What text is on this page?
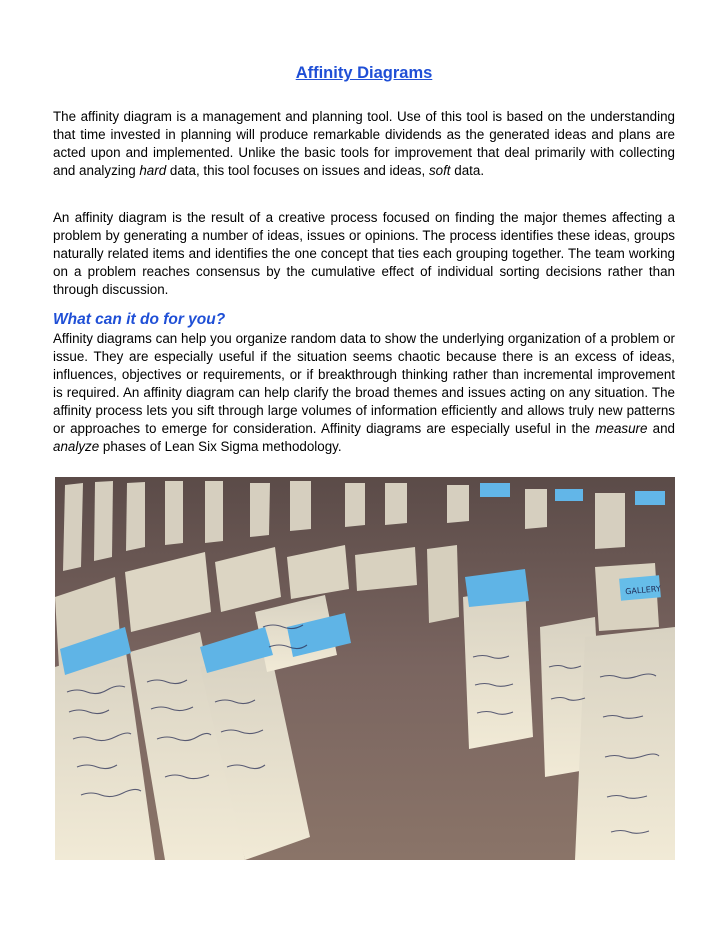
Affinity Diagrams
The affinity diagram is a management and planning tool. Use of this tool is based on the understanding that time invested in planning will produce remarkable dividends as the generated ideas and plans are acted upon and implemented. Unlike the basic tools for improvement that deal primarily with collecting and analyzing hard data, this tool focuses on issues and ideas, soft data.
An affinity diagram is the result of a creative process focused on finding the major themes affecting a problem by generating a number of ideas, issues or opinions. The process identifies these ideas, groups naturally related items and identifies the one concept that ties each grouping together. The team working on a problem reaches consensus by the cumulative effect of individual sorting decisions rather than through discussion.
What can it do for you?
Affinity diagrams can help you organize random data to show the underlying organization of a problem or issue. They are especially useful if the situation seems chaotic because there is an excess of ideas, influences, objectives or requirements, or if breakthrough thinking rather than incremental improvement is required. An affinity diagram can help clarify the broad themes and issues acting on any situation. The affinity process lets you sift through large volumes of information efficiently and allows truly new patterns or approaches to emerge for consideration. Affinity diagrams are especially useful in the measure and analyze phases of Lean Six Sigma methodology.
GALLERY
